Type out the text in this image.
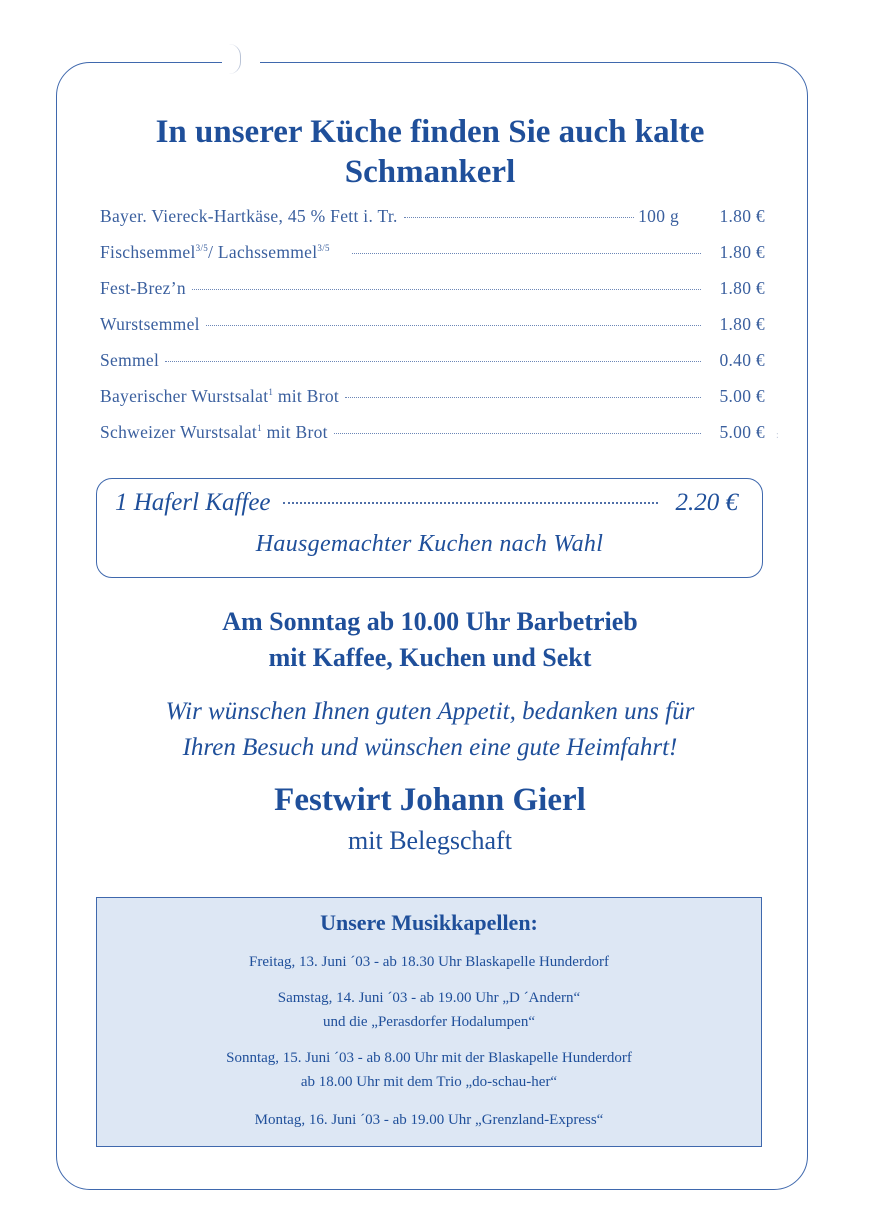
In unserer Küche finden Sie auch kalte
Schmankerl
Bayer. Viereck-Hartkäse, 45 % Fett i. Tr.	100 g	1.80 €
Fischsemmel$^{3/5}$/ Lachssemmel$^{3/5}$	1.80 €
Fest-Brez’n	1.80 €
Wurstsemmel	1.80 €
Semmel	0.40 €
Bayerischer Wurstsalat$^1$ mit Brot	5.00 €
Schweizer Wurstsalat$^1$ mit Brot	5.00 € :
1 Haferl Kaffee	2.20 €
Hausgemachter Kuchen nach Wahl
Am Sonntag ab 10.00 Uhr Barbetrieb
mit Kaffee, Kuchen und Sekt
Wir wünschen Ihnen guten Appetit, bedanken uns für
Ihren Besuch und wünschen eine gute Heimfahrt!
Festwirt Johann Gierl
mit Belegschaft
Unsere Musikkapellen:
Freitag, 13. Juni ´03 - ab 18.30 Uhr Blaskapelle Hunderdorf
Samstag, 14. Juni ´03 - ab 19.00 Uhr „D ´Andern“
und die „Perasdorfer Hodalumpen“
Sonntag, 15. Juni ´03 - ab 8.00 Uhr mit der Blaskapelle Hunderdorf
ab 18.00 Uhr mit dem Trio „do-schau-her“
Montag, 16. Juni ´03 - ab 19.00 Uhr „Grenzland-Express“
